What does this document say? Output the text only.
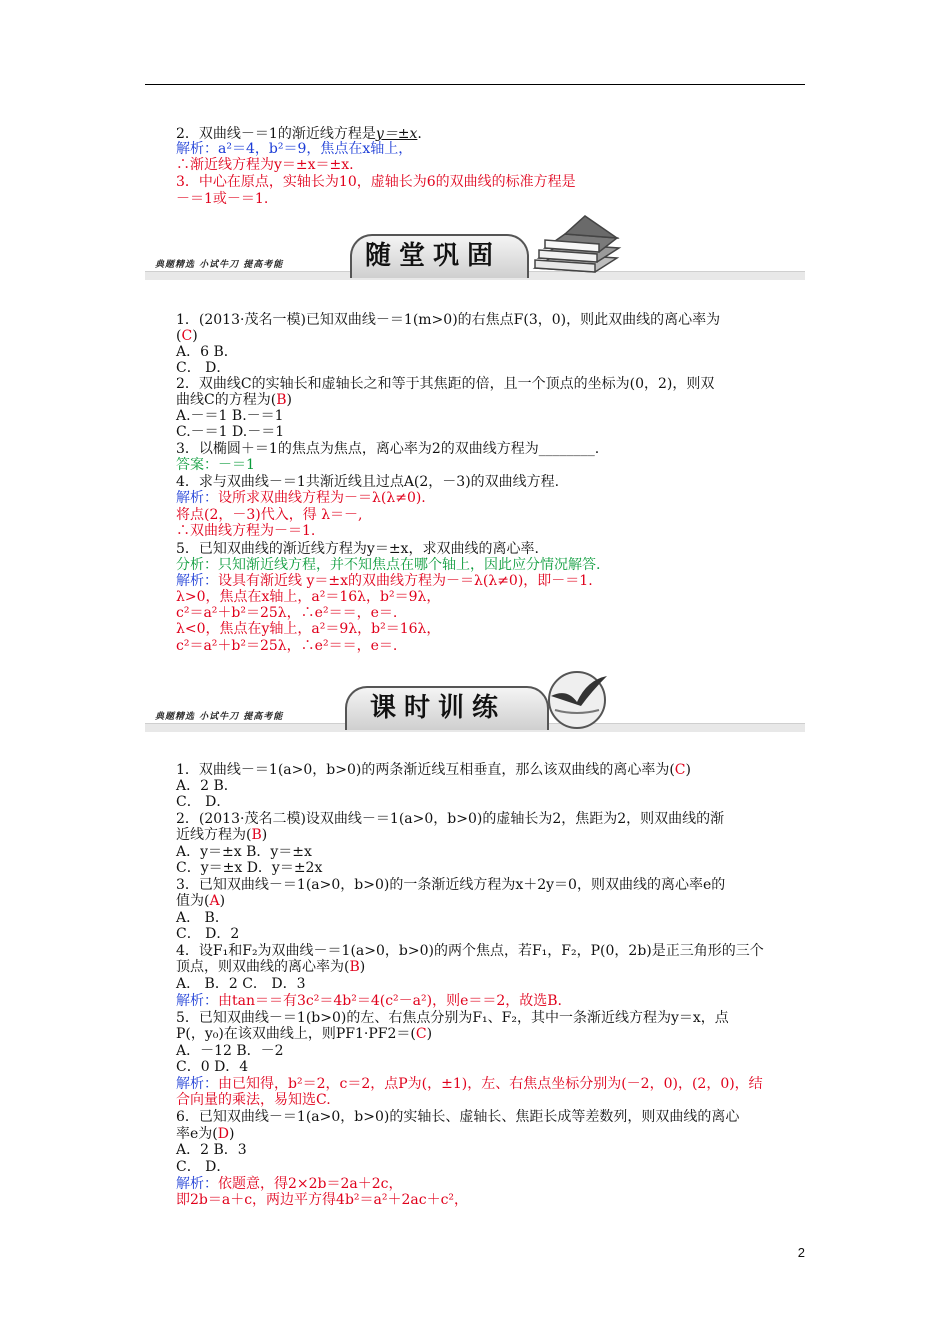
2．双曲线－＝1的渐近线方程是y＝±x.
解析：a²＝4，b²＝9，焦点在x轴上，
∴渐近线方程为y＝±x＝±x.
3．中心在原点，实轴长为10，虚轴长为6的双曲线的标准方程是
－＝1或－＝1.
典题精选 小试牛刀 提高考能	随堂巩固
1．(2013·茂名一模)已知双曲线－＝1(m>0)的右焦点F(3，0)，则此双曲线的离心率为
(C)
A．6 B．
C． D．
2．双曲线C的实轴长和虚轴长之和等于其焦距的倍，且一个顶点的坐标为(0，2)，则双
曲线C的方程为(B)
A.－＝1 B.－＝1
C.－＝1 D.－＝1
3．以椭圆＋＝1的焦点为焦点，离心率为2的双曲线方程为________.
答案：－＝1
4．求与双曲线－＝1共渐近线且过点A(2，－3)的双曲线方程.
解析：设所求双曲线方程为－＝λ(λ≠0).
将点(2，－3)代入，得 λ＝－,
∴双曲线方程为－＝1.
5．已知双曲线的渐近线方程为y＝±x，求双曲线的离心率.
分析：只知渐近线方程，并不知焦点在哪个轴上，因此应分情况解答.
解析：设具有渐近线 y＝±x的双曲线方程为－＝λ(λ≠0)，即－＝1.
λ>0，焦点在x轴上，a²＝16λ，b²＝9λ，
c²＝a²＋b²＝25λ，∴e²＝＝，e＝.
λ<0，焦点在y轴上，a²＝9λ，b²＝16λ，
c²＝a²＋b²＝25λ，∴e²＝＝，e＝.
典题精选 小试牛刀 提高考能	课时训练
1．双曲线－＝1(a>0，b>0)的两条渐近线互相垂直，那么该双曲线的离心率为(C)
A．2 B．
C． D．
2．(2013·茂名二模)设双曲线－＝1(a>0，b>0)的虚轴长为2，焦距为2，则双曲线的渐
近线方程为(B)
A．y＝±x B．y＝±x
C．y＝±x D．y＝±2x
3．已知双曲线－＝1(a>0，b>0)的一条渐近线方程为x＋2y＝0，则双曲线的离心率e的
值为(A)
A． B．
C． D．2
4．设F₁和F₂为双曲线－＝1(a>0，b>0)的两个焦点，若F₁，F₂，P(0，2b)是正三角形的三个
顶点，则双曲线的离心率为(B)
A． B．2 C． D．3
解析：由tan＝＝有3c²＝4b²＝4(c²－a²)，则e＝＝2，故选B.
5．已知双曲线－＝1(b>0)的左、右焦点分别为F₁、F₂，其中一条渐近线方程为y＝x，点
P(，y₀)在该双曲线上，则PF1·PF2＝(C)
A．－12 B．－2
C．0 D．4
解析：由已知得，b²＝2，c＝2，点P为(，±1)，左、右焦点坐标分别为(－2，0)，(2，0)，结
合向量的乘法，易知选C.
6．已知双曲线－＝1(a>0，b>0)的实轴长、虚轴长、焦距长成等差数列，则双曲线的离心
率e为(D)
A．2 B．3
C． D．
解析：依题意，得2×2b＝2a＋2c，
即2b＝a＋c，两边平方得4b²＝a²＋2ac＋c²，
2
